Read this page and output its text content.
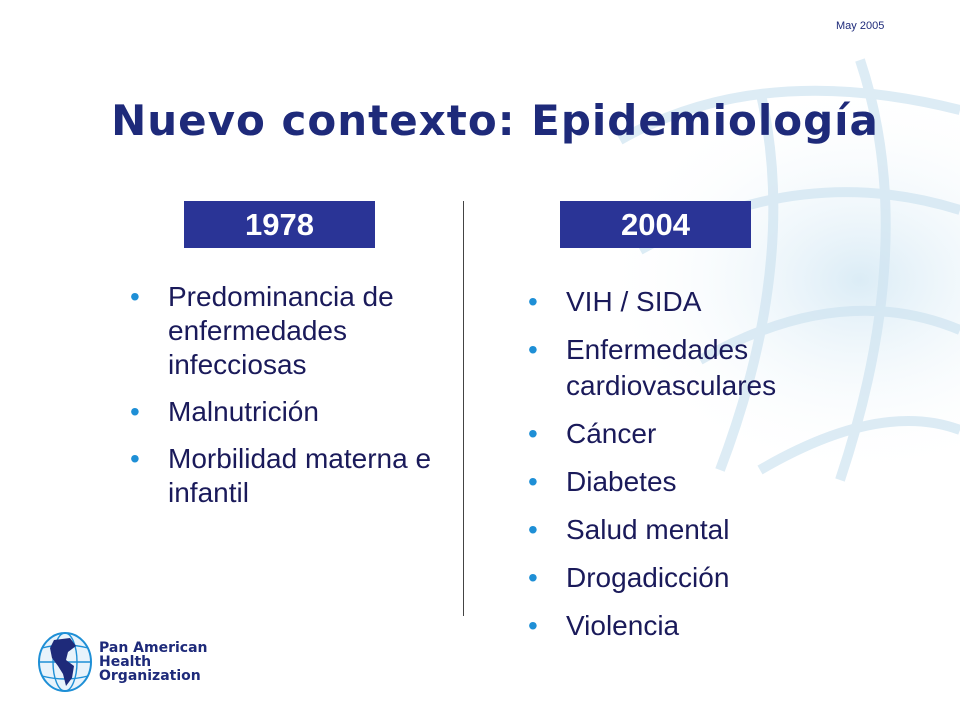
May 2005
Nuevo contexto: Epidemiología
1978	2004
• Predominancia de enfermedades infecciosas
• Malnutrición
• Morbilidad materna e infantil
• VIH / SIDA
• Enfermedades cardiovasculares
• Cáncer
• Diabetes
• Salud mental
• Drogadicción
• Violencia
Pan American
Health
Organization
